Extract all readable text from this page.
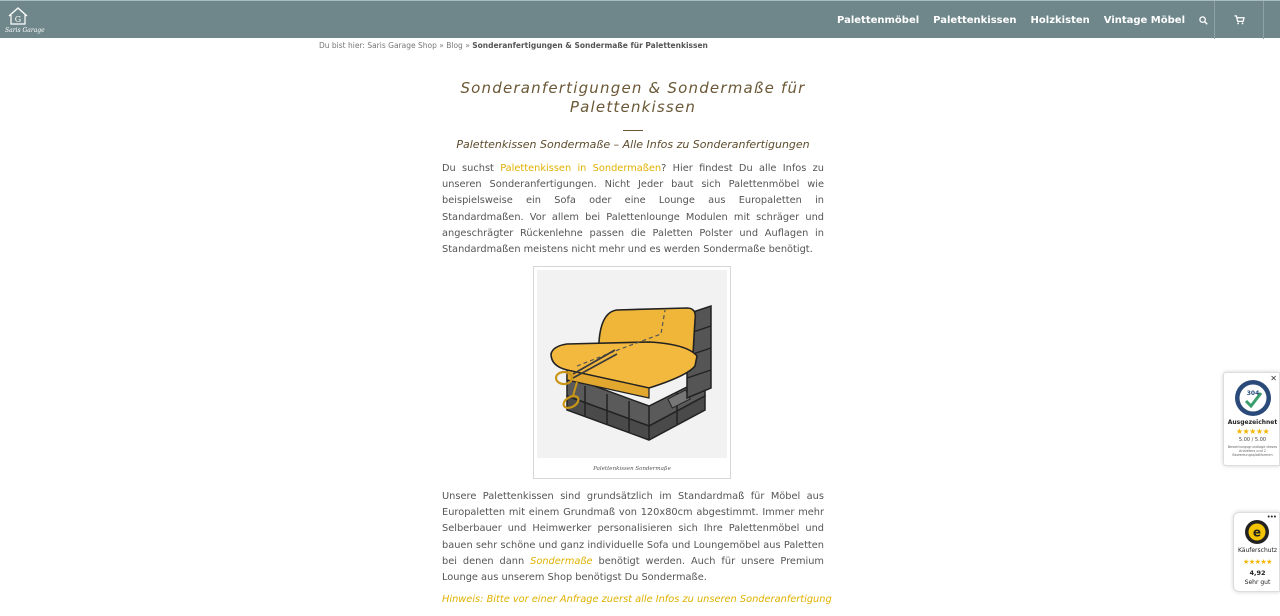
G
Saris Garage
Palettenmöbel	Palettenkissen	Holzkisten	Vintage Möbel
Du bist hier: Saris Garage Shop » Blog » Sonderanfertigungen & Sondermaße für Palettenkissen
Sonderanfertigungen & Sondermaße für Palettenkissen
Palettenkissen Sondermaße – Alle Infos zu Sonderanfertigungen
Du suchst Palettenkissen in Sondermaßen? Hier findest Du alle Infos zu unseren Sonderanfertigungen. Nicht Jeder baut sich Palettenmöbel wie beispielsweise ein Sofa oder eine Lounge aus Europaletten in Standardmaßen. Vor allem bei Palettenlounge Modulen mit schräger und angeschrägter Rückenlehne passen die Paletten Polster und Auflagen in Standardmaßen meistens nicht mehr und es werden Sondermaße benötigt.
Palettenkissen Sondermaße
Unsere Palettenkissen sind grundsätzlich im Standardmaß für Möbel aus Europaletten mit einem Grundmaß von 120x80cm abgestimmt. Immer mehr Selberbauer und Heimwerker personalisieren sich Ihre Palettenmöbel und bauen sehr schöne und ganz individuelle Sofa und Loungemöbel aus Paletten bei denen dann Sondermaße benötigt werden. Auch für unsere Premium Lounge aus unserem Shop benötigst Du Sondermaße.
Hinweis: Bitte vor einer Anfrage zuerst alle Infos zu unseren Sonderanfertigung
✕
304
Ausgezeichnet
★★★★★
5.00 / 5.00
Bewertungsgrundlage dieses Anbieters und 2 Bewertungsplattformen
•••
e
Käuferschutz
★★★★★
4,92
Sehr gut
